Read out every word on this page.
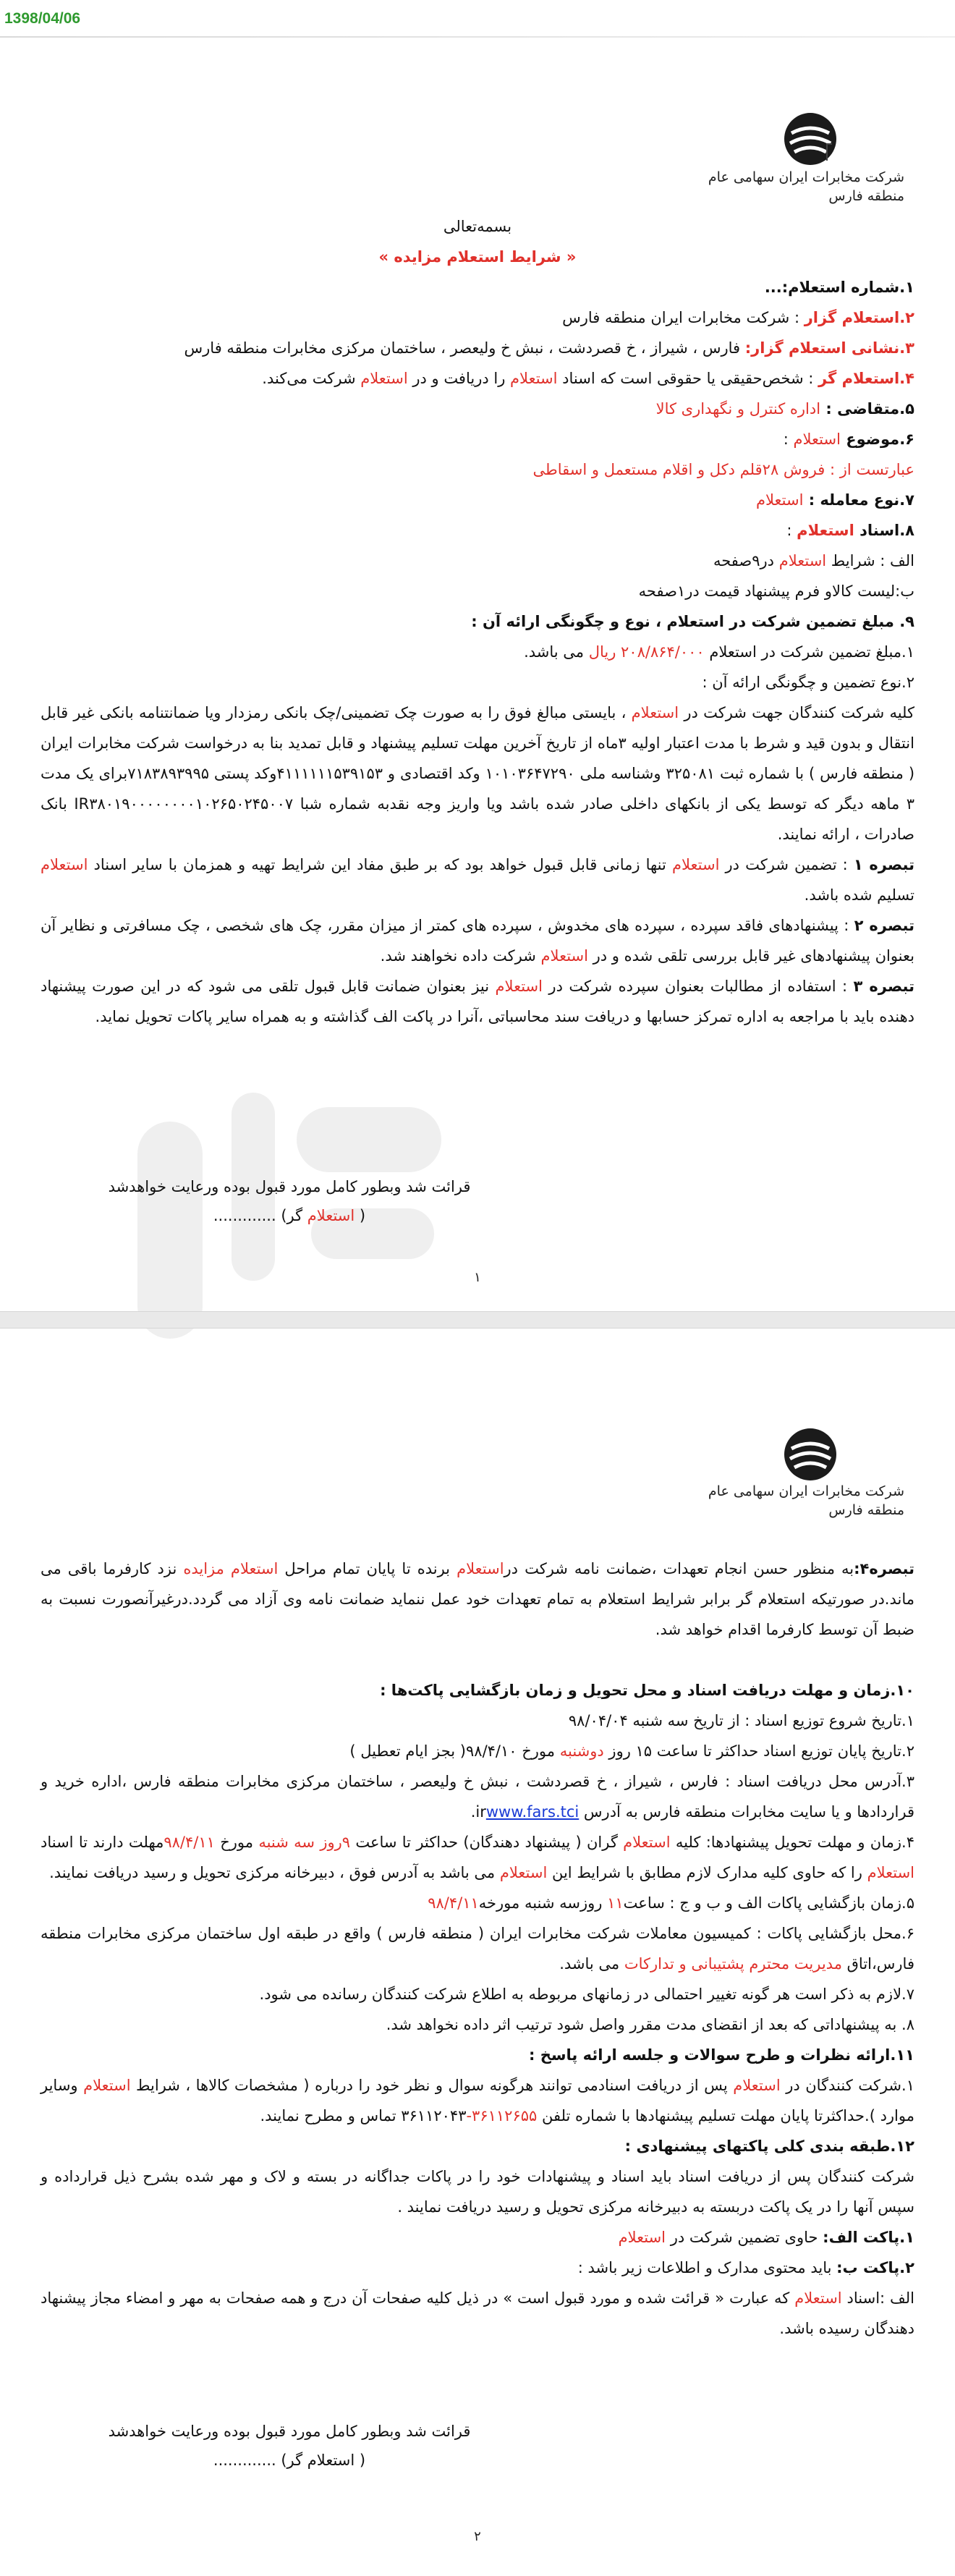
1398/04/06
شرکت مخابرات ایران سهامی عام
منطقه فارس

بسمه‌تعالی

« شرایط استعلام مزایده »

۱.شماره استعلام:...

۲.استعلام گزار : شرکت مخابرات ایران منطقه فارس

۳.نشانی استعلام گزار: فارس ، شیراز ، خ قصردشت ، نبش خ ولیعصر ، ساختمان مرکزی مخابرات منطقه فارس

۴.استعلام گر : شخص‌حقیقی یا حقوقی است که اسناد استعلام را دریافت و در استعلام شرکت می‌کند.

۵.متقاضی : اداره کنترل و نگهداری کالا

۶.موضوع استعلام :

عبارتست از : فروش ۲۸قلم دکل و اقلام مستعمل و اسقاطی

۷.نوع معامله : استعلام

۸.اسناد استعلام :

الف : شرایط استعلام در۹صفحه

ب:لیست کالاو فرم پیشنهاد قیمت در۱صفحه

۹. مبلغ تضمین شرکت در استعلام ، نوع و چگونگی ارائه آن :

۱.مبلغ تضمین شرکت در استعلام ۲۰۸/۸۶۴/۰۰۰ ریال می باشد.

۲.نوع تضمین و چگونگی ارائه آن :

کلیه شرکت کنندگان جهت شرکت در استعلام ، بایستی مبالغ فوق را به صورت چک تضمینی/چک بانکی رمزدار ویا ضمانتنامه بانکی غیر قابل انتقال و بدون قید و شرط با مدت اعتبار اولیه ۳ماه از تاریخ آخرین مهلت تسلیم پیشنهاد و قابل تمدید بنا به درخواست شرکت مخابرات ایران ( منطقه فارس ) با شماره ثبت ۳۲۵۰۸۱ وشناسه ملی ۱۰۱۰۳۶۴۷۲۹۰ وکد اقتصادی و ۴۱۱۱۱۱۱۵۳۹۱۵۳وکد پستی ۷۱۸۳۸۹۳۹۹۵برای یک مدت ۳ ماهه دیگر که توسط یکی از بانکهای داخلی صادر شده باشد ویا واریز وجه نقدبه شماره شبا IR۳۸۰۱۹۰۰۰۰۰۰۰۰۱۰۲۶۵۰۲۴۵۰۰۷ بانک صادرات ، ارائه نمایند.

تبصره ۱ : تضمین شرکت در استعلام تنها زمانی قابل قبول خواهد بود که بر طبق مفاد این شرایط تهیه و همزمان با سایر اسناد استعلام تسلیم شده باشد.

تبصره ۲ : پیشنهادهای فاقد سپرده ، سپرده های مخدوش ، سپرده های کمتر از میزان مقرر، چک های شخصی ، چک مسافرتی و نظایر آن بعنوان پیشنهادهای غیر قابل بررسی تلقی شده و در استعلام شرکت داده نخواهند شد.

تبصره ۳ : استفاده از مطالبات بعنوان سپرده شرکت در استعلام نیز بعنوان ضمانت قابل قبول تلقی می شود که در این صورت پیشنهاد دهنده باید با مراجعه به اداره تمرکز حسابها و دریافت سند محاسباتی ،آنرا در پاکت الف گذاشته و به همراه سایر پاکات تحویل نماید.

قرائت شد وبطور کامل مورد قبول بوده ورعایت خواهدشد
( استعلام گر) .............
۱
شرکت مخابرات ایران سهامی عام
منطقه فارس

تبصره۴:به منظور حسن انجام تعهدات ،ضمانت نامه شرکت دراستعلام برنده تا پایان تمام مراحل استعلام مزایده نزد کارفرما باقی می ماند.در صورتیکه استعلام گر برابر شرایط استعلام به تمام تعهدات خود عمل ننماید ضمانت نامه وی آزاد می گردد.درغیرآنصورت نسبت به ضبط آن توسط کارفرما اقدام خواهد شد.

۱۰.زمان و مهلت دریافت اسناد و محل تحویل و زمان بازگشایی پاکت‌ها :

۱.تاریخ شروع توزیع اسناد : از تاریخ سه شنبه ۹۸/۰۴/۰۴

۲.تاریخ پایان توزیع اسناد حداکثر تا ساعت ۱۵ روز دوشنبه مورخ ۹۸/۴/۱۰( بجز ایام تعطیل )

۳.آدرس محل دریافت اسناد : فارس ، شیراز ، خ قصردشت ، نبش خ ولیعصر ، ساختمان مرکزی مخابرات منطقه فارس ،اداره خرید و قراردادها و یا سایت مخابرات منطقه فارس به آدرس www.fars.tciir.

۴.زمان و مهلت تحویل پیشنهادها: کلیه استعلام گران ( پیشنهاد دهندگان) حداکثر تا ساعت ۹روز سه شنبه مورخ ۹۸/۴/۱۱مهلت دارند تا اسناد استعلام را که حاوی کلیه مدارک لازم مطابق با شرایط این استعلام می باشد به آدرس فوق ، دبیرخانه مرکزی تحویل و رسید دریافت نمایند.

۵.زمان بازگشایی پاکات الف و ب و ج : ساعت۱۱ روزسه شنبه مورخه۹۸/۴/۱۱

۶.محل بازگشایی پاکات : کمیسیون معاملات شرکت مخابرات ایران ( منطقه فارس ) واقع در طبقه اول ساختمان مرکزی مخابرات منطقه فارس،اتاق مدیریت محترم پشتیبانی و تدارکات می باشد.

۷.لازم به ذکر است هر گونه تغییر احتمالی در زمانهای مربوطه به اطلاع شرکت کنندگان رسانده می شود.

۸. به پیشنهاداتی که بعد از انقضای مدت مقرر واصل شود ترتیب اثر داده نخواهد شد.

۱۱.ارائه نظرات و طرح سوالات و جلسه ارائه پاسخ :

۱.شرکت کنندگان در استعلام پس از دریافت اسنادمی توانند هرگونه سوال و نظر خود را درباره ( مشخصات کالاها ، شرایط استعلام وسایر موارد ).حداکثرتا پایان مهلت تسلیم پیشنهادها با شماره تلفن ۳۶۱۱۲۶۵۵-۳۶۱۱۲۰۴۳ تماس و مطرح نمایند.

۱۲.طبقه بندی کلی پاکتهای پیشنهادی :

شرکت کنندگان پس از دریافت اسناد باید اسناد و پیشنهادات خود را در پاکات جداگانه در بسته و لاک و مهر شده بشرح ذیل قرارداده و سپس آنها را در یک پاکت دربسته به دبیرخانه مرکزی تحویل و رسید دریافت نمایند .

۱.پاکت الف: حاوی تضمین شرکت در استعلام

۲.پاکت ب: باید محتوی مدارک و اطلاعات زیر باشد :

الف :اسناد استعلام که عبارت « قرائت شده و مورد قبول است » در ذیل کلیه صفحات آن درج و همه صفحات به مهر و امضاء مجاز پیشنهاد دهندگان رسیده باشد.

قرائت شد وبطور کامل مورد قبول بوده ورعایت خواهدشد
( استعلام گر) .............
۲
